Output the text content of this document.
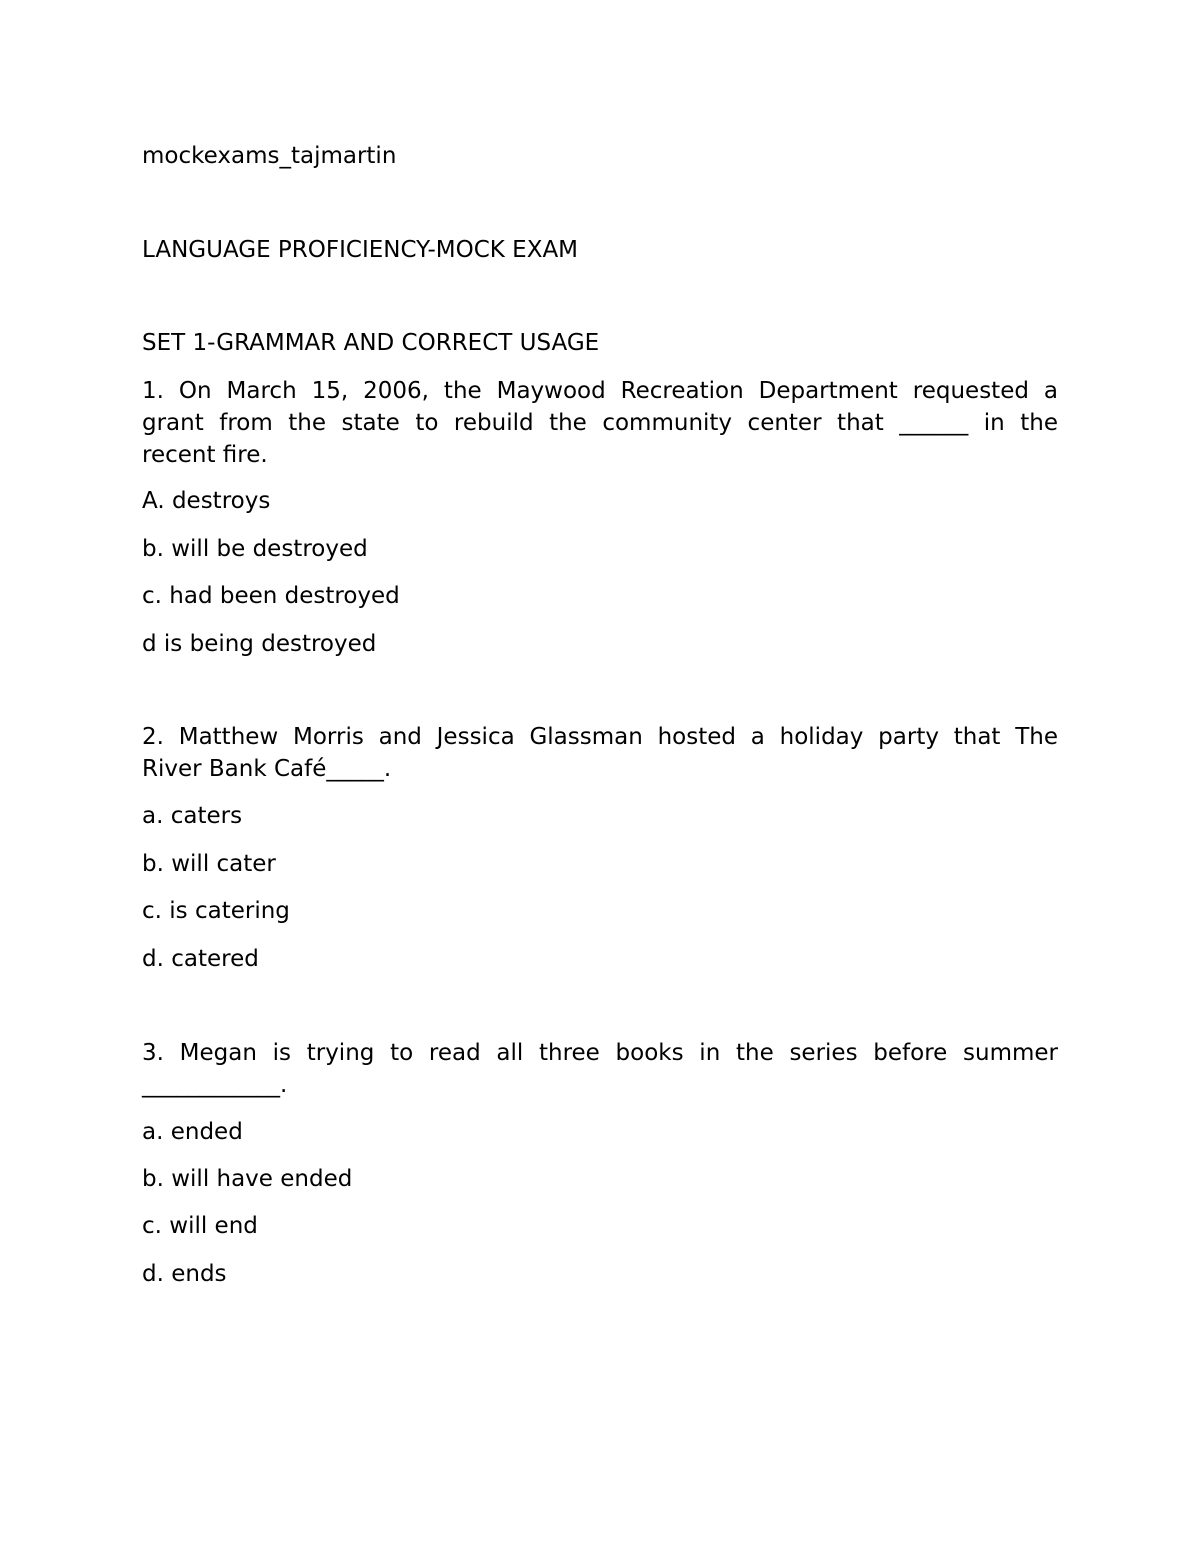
mockexams_tajmartin
LANGUAGE PROFICIENCY-MOCK EXAM
SET 1-GRAMMAR AND CORRECT USAGE
1. On March 15, 2006, the Maywood Recreation Department requested a
grant from the state to rebuild the community center that ______ in the
recent fire.
A. destroys
b. will be destroyed
c. had been destroyed
d is being destroyed
2. Matthew Morris and Jessica Glassman hosted a holiday party that The
River Bank Café_____.
a. caters
b. will cater
c. is catering
d. catered
3. Megan is trying to read all three books in the series before summer
____________.
a. ended
b. will have ended
c. will end
d. ends
